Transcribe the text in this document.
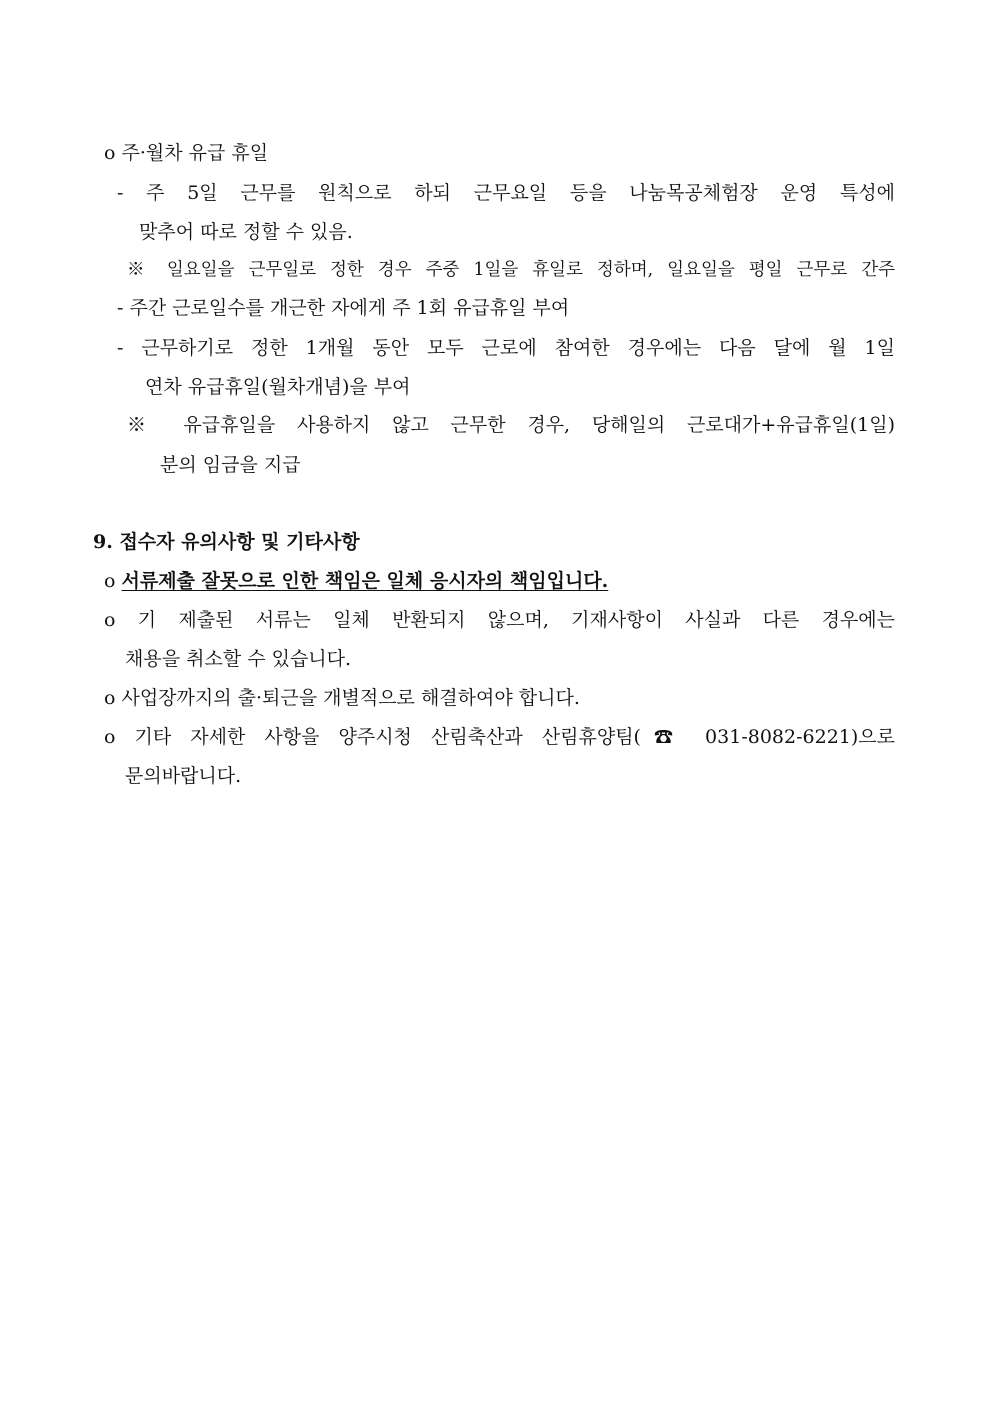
o 주·월차 유급 휴일
- 주 5일 근무를 원칙으로 하되 근무요일 등을 나눔목공체험장 운영 특성에
맞추어 따로 정할 수 있음.
※ 일요일을 근무일로 정한 경우 주중 1일을 휴일로 정하며, 일요일을 평일 근무로 간주
- 주간 근로일수를 개근한 자에게 주 1회 유급휴일 부여
- 근무하기로 정한 1개월 동안 모두 근로에 참여한 경우에는 다음 달에 월 1일
연차 유급휴일(월차개념)을 부여
※ 유급휴일을 사용하지 않고 근무한 경우, 당해일의 근로대가+유급휴일(1일)
분의 임금을 지급
9. 접수자 유의사항 및 기타사항
o 서류제출 잘못으로 인한 책임은 일체 응시자의 책임입니다.
o 기 제출된 서류는 일체 반환되지 않으며, 기재사항이 사실과 다른 경우에는
채용을 취소할 수 있습니다.
o 사업장까지의 출·퇴근을 개별적으로 해결하여야 합니다.
o 기타 자세한 사항을 양주시청 산림축산과 산림휴양팀(☎ 031-8082-6221)으로
문의바랍니다.
